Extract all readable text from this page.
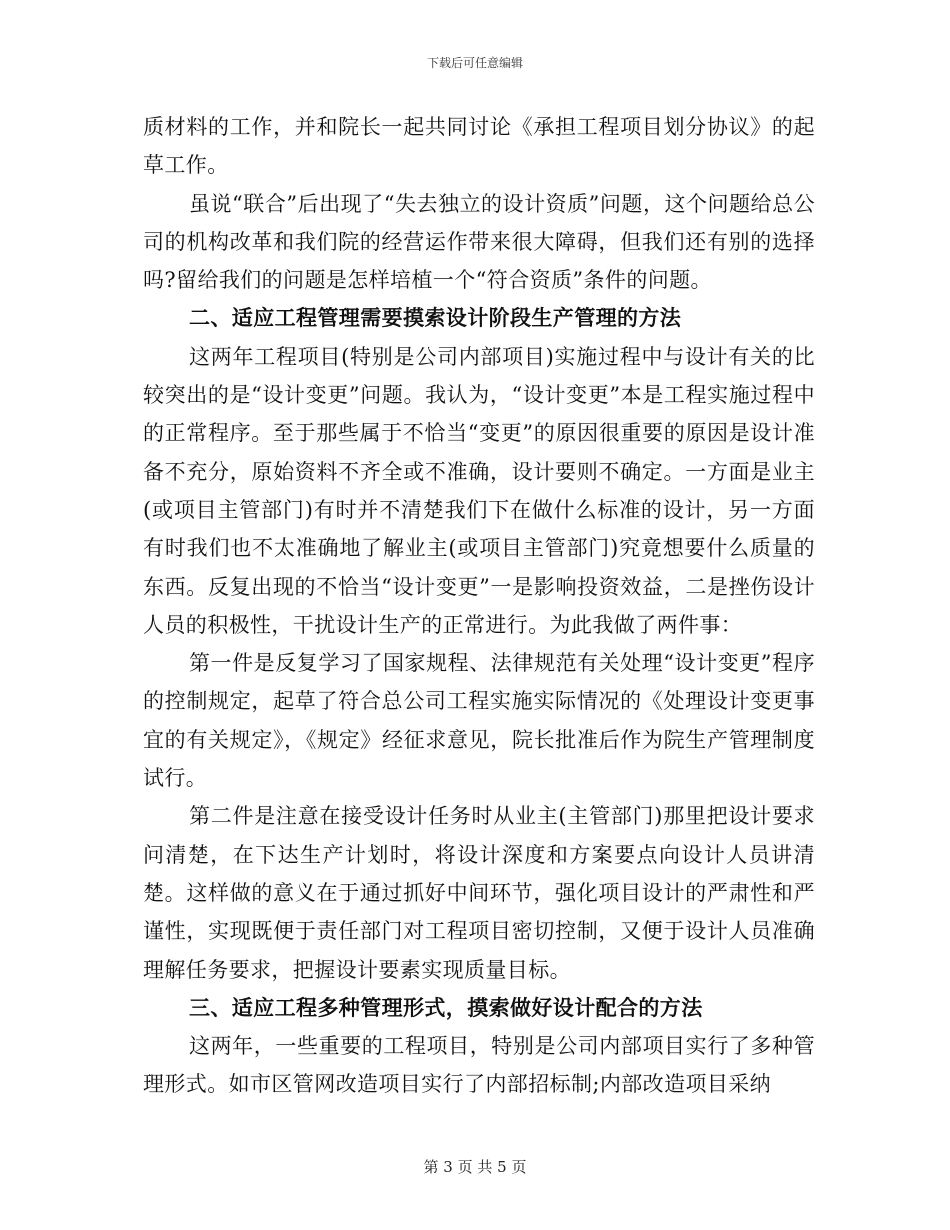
下载后可任意编辑

质材料的工作，并和院长一起共同讨论《承担工程项目划分协议》的起草工作。

虽说“联合”后出现了“失去独立的设计资质”问题，这个问题给总公司的机构改革和我们院的经营运作带来很大障碍，但我们还有别的选择吗?留给我们的问题是怎样培植一个“符合资质”条件的问题。

二、适应工程管理需要摸索设计阶段生产管理的方法

这两年工程项目(特别是公司内部项目)实施过程中与设计有关的比较突出的是“设计变更”问题。我认为，“设计变更”本是工程实施过程中的正常程序。至于那些属于不恰当“变更”的原因很重要的原因是设计准备不充分，原始资料不齐全或不准确，设计要则不确定。一方面是业主(或项目主管部门)有时并不清楚我们下在做什么标准的设计，另一方面有时我们也不太准确地了解业主(或项目主管部门)究竟想要什么质量的东西。反复出现的不恰当“设计变更”一是影响投资效益，二是挫伤设计人员的积极性，干扰设计生产的正常进行。为此我做了两件事：

第一件是反复学习了国家规程、法律规范有关处理“设计变更”程序的控制规定，起草了符合总公司工程实施实际情况的《处理设计变更事宜的有关规定》，《规定》经征求意见，院长批准后作为院生产管理制度试行。

第二件是注意在接受设计任务时从业主(主管部门)那里把设计要求问清楚，在下达生产计划时，将设计深度和方案要点向设计人员讲清楚。这样做的意义在于通过抓好中间环节，强化项目设计的严肃性和严谨性，实现既便于责任部门对工程项目密切控制，又便于设计人员准确理解任务要求，把握设计要素实现质量目标。

三、适应工程多种管理形式，摸索做好设计配合的方法

这两年，一些重要的工程项目，特别是公司内部项目实行了多种管理形式。如市区管网改造项目实行了内部招标制;内部改造项目采纳

第 3 页 共 5 页
